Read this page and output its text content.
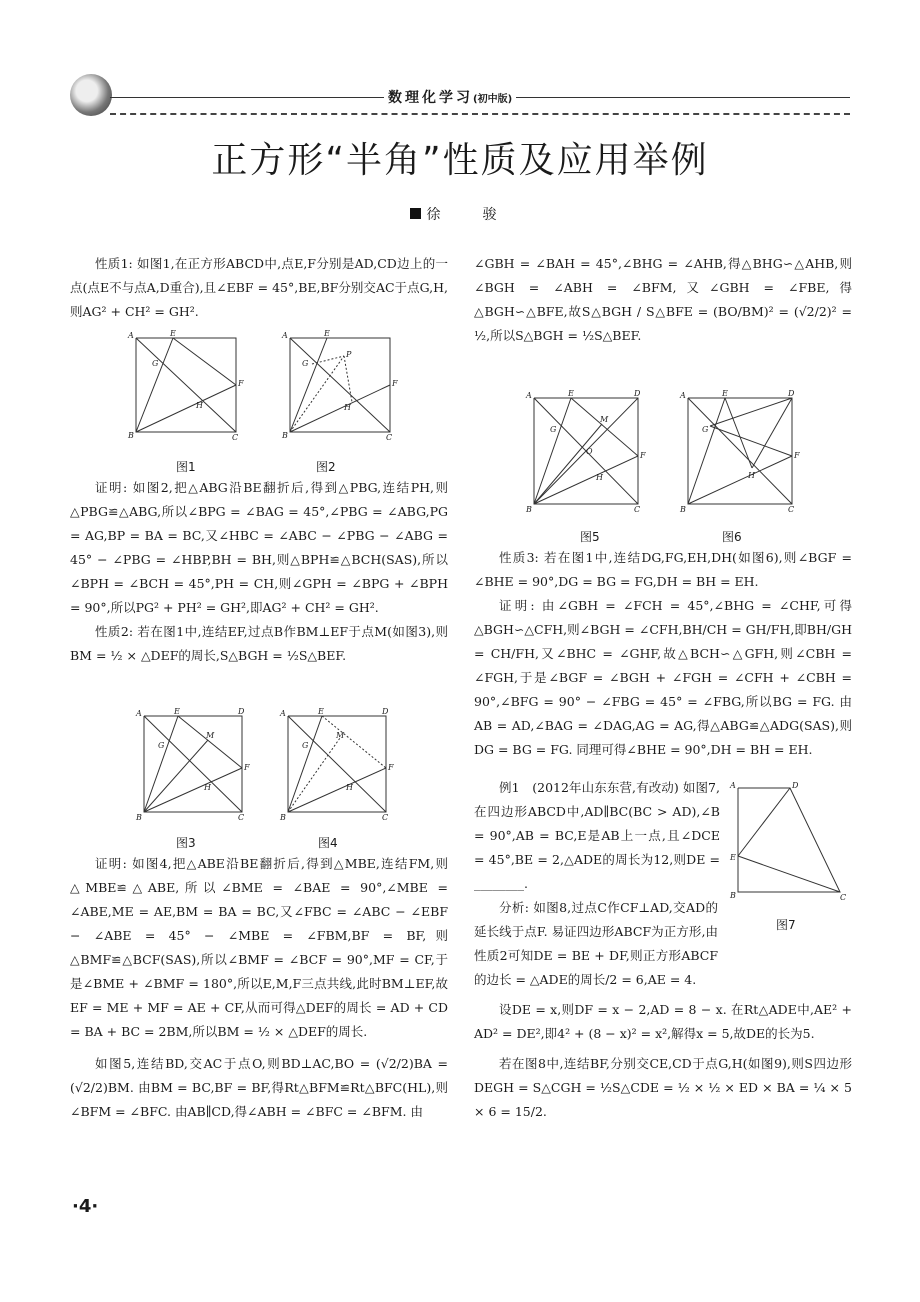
数理化学习(初中版)
正方形“半角”性质及应用举例
徐　骏

性质1: 如图1,在正方形ABCD中,点E,F分别是AD,CD边上的一点(点E不与点A,D重合),且∠EBF = 45°,BE,BF分别交AC于点G,H,则AG² + CH² = GH².

A	E
B	C
F
G
H
图1
A	E
B	C
F
G
P
H
图2

证明: 如图2,把△ABG沿BE翻折后,得到△PBG,连结PH,则△PBG≌△ABG,所以∠BPG = ∠BAG = 45°,∠PBG = ∠ABG,PG = AG,BP = BA = BC,又∠HBC = ∠ABC − ∠PBG − ∠ABG = 45° − ∠PBG = ∠HBP,BH = BH,则△BPH≌△BCH(SAS),所以∠BPH = ∠BCH = 45°,PH = CH,则∠GPH = ∠BPG + ∠BPH = 90°,所以PG² + PH² = GH²,即AG² + CH² = GH².

性质2: 若在图1中,连结EF,过点B作BM⊥EF于点M(如图3),则BM = ½ × △DEF的周长,S△BGH = ½S△BEF.

A	E	D
B	C
F
G
M
H
图3
A	E	D
B	C
F
G
M
H
图4

证明: 如图4,把△ABE沿BE翻折后,得到△MBE,连结FM,则△MBE≌△ABE,所以∠BME = ∠BAE = 90°,∠MBE = ∠ABE,ME = AE,BM = BA = BC,又∠FBC = ∠ABC − ∠EBF − ∠ABE = 45° − ∠MBE = ∠FBM,BF = BF,则△BMF≌△BCF(SAS),所以∠BMF = ∠BCF = 90°,MF = CF,于是∠BME + ∠BMF = 180°,所以E,M,F三点共线,此时BM⊥EF,故EF = ME + MF = AE + CF,从而可得△DEF的周长 = AD + CD = BA + BC = 2BM,所以BM = ½ × △DEF的周长.

如图5,连结BD,交AC于点O,则BD⊥AC,BO = (√2/2)BA = (√2/2)BM. 由BM = BC,BF = BF,得Rt△BFM≌Rt△BFC(HL),则∠BFM = ∠BFC. 由AB∥CD,得∠ABH = ∠BFC = ∠BFM. 由

∠GBH = ∠BAH = 45°,∠BHG = ∠AHB,得△BHG∽△AHB,则∠BGH = ∠ABH = ∠BFM,又∠GBH = ∠FBE,得△BGH∽△BFE,故S△BGH / S△BFE = (BO/BM)² = (√2/2)² = ½,所以S△BGH = ½S△BEF.

A	E	D
B	C
F
G
M
O
H
图5
A	E	D
B	C
F
G
H
图6

性质3: 若在图1中,连结DG,FG,EH,DH(如图6),则∠BGF = ∠BHE = 90°,DG = BG = FG,DH = BH = EH.

证明: 由∠GBH = ∠FCH = 45°,∠BHG = ∠CHF,可得△BGH∽△CFH,则∠BGH = ∠CFH,BH/CH = GH/FH,即BH/GH = CH/FH,又∠BHC = ∠GHF,故△BCH∽△GFH,则∠CBH = ∠FGH,于是∠BGF = ∠BGH + ∠FGH = ∠CFH + ∠CBH = 90°,∠BFG = 90° − ∠FBG = 45° = ∠FBG,所以BG = FG. 由AB = AD,∠BAG = ∠DAG,AG = AG,得△ABG≌△ADG(SAS),则DG = BG = FG. 同理可得∠BHE = 90°,DH = BH = EH.

例1　(2012年山东东营,有改动) 如图7,在四边形ABCD中,AD∥BC(BC > AD),∠B = 90°,AB = BC,E是AB上一点,且∠DCE = 45°,BE = 2,△ADE的周长为12,则DE = ________.

A	D
E
B	C
图7

分析: 如图8,过点C作CF⊥AD,交AD的延长线于点F. 易证四边形ABCF为正方形,由性质2可知DE = BE + DF,则正方形ABCF的边长 = △ADE的周长/2 = 6,AE = 4.

设DE = x,则DF = x − 2,AD = 8 − x. 在Rt△ADE中,AE² + AD² = DE²,即4² + (8 − x)² = x²,解得x = 5,故DE的长为5.

若在图8中,连结BF,分别交CE,CD于点G,H(如图9),则S四边形DEGH = S△CGH = ½S△CDE = ½ × ½ × ED × BA = ¼ × 5 × 6 = 15/2.

·4·
